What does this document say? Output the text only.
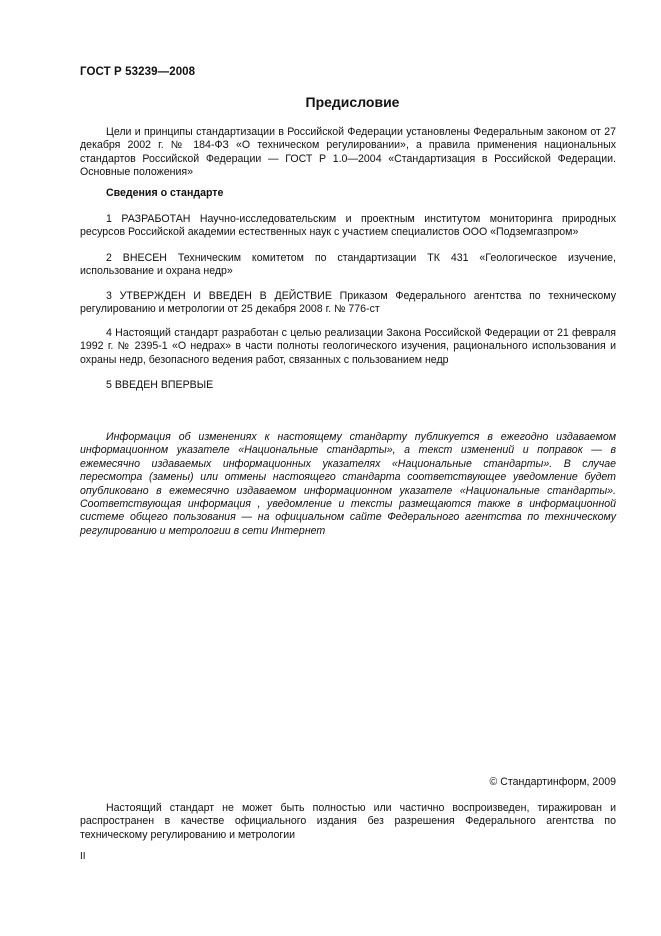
ГОСТ Р 53239—2008
Предисловие
Цели и принципы стандартизации в Российской Федерации установлены Федеральным законом от 27 декабря 2002 г. № 184-ФЗ «О техническом регулировании», а правила применения национальных стандартов Российской Федерации — ГОСТ Р 1.0—2004 «Стандартизация в Российской Федерации. Основные положения»
Сведения о стандарте
1 РАЗРАБОТАН Научно-исследовательским и проектным институтом мониторинга природных ресурсов Российской академии естественных наук с участием специалистов ООО «Подземгазпром»
2 ВНЕСЕН Техническим комитетом по стандартизации ТК 431 «Геологическое изучение, использование и охрана недр»
3 УТВЕРЖДЕН И ВВЕДЕН В ДЕЙСТВИЕ Приказом Федерального агентства по техническому регулированию и метрологии от 25 декабря 2008 г. № 776-ст
4 Настоящий стандарт разработан с целью реализации Закона Российской Федерации от 21 февраля 1992 г. № 2395-1 «О недрах» в части полноты геологического изучения, рационального использования и охраны недр, безопасного ведения работ, связанных с пользованием недр
5 ВВЕДЕН ВПЕРВЫЕ
Информация об изменениях к настоящему стандарту публикуется в ежегодно издаваемом информационном указателе «Национальные стандарты», а текст изменений и поправок — в ежемесячно издаваемых информационных указателях «Национальные стандарты». В случае пересмотра (замены) или отмены настоящего стандарта соответствующее уведомление будет опубликовано в ежемесячно издаваемом информационном указателе «Национальные стандарты». Соответствующая информация , уведомление и тексты размещаются также в информационной системе общего пользования — на официальном сайте Федерального агентства по техническому регулированию и метрологии в сети Интернет
© Стандартинформ, 2009
Настоящий стандарт не может быть полностью или частично воспроизведен, тиражирован и распространен в качестве официального издания без разрешения Федерального агентства по техническому регулированию и метрологии
II
